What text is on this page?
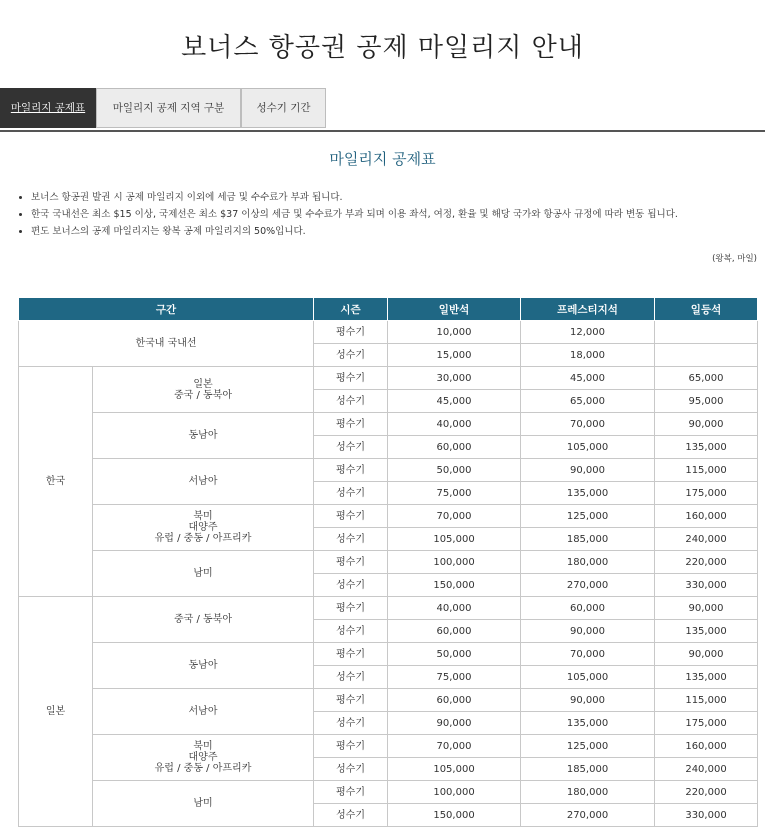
보너스 항공권 공제 마일리지 안내
마일리지 공제표	마일리지 공제 지역 구분	성수기 기간
마일리지 공제표
• 보너스 항공권 발권 시 공제 마일리지 이외에 세금 및 수수료가 부과 됩니다.
• 한국 국내선은 최소 $15 이상, 국제선은 최소 $37 이상의 세금 및 수수료가 부과 되며 이용 좌석, 여정, 환율 및 해당 국가와 항공사 규정에 따라 변동 됩니다.
• 편도 보너스의 공제 마일리지는 왕복 공제 마일리지의 50%입니다.
(왕복, 마일)
구간		시즌	일반석	프레스티지석	일등석
한국내 국내선		평수기	10,000	12,000	
		성수기	15,000	18,000	
한국	일본
중국 / 동북아	평수기	30,000	45,000	65,000
		성수기	45,000	65,000	95,000
	동남아	평수기	40,000	70,000	90,000
		성수기	60,000	105,000	135,000
	서남아	평수기	50,000	90,000	115,000
		성수기	75,000	135,000	175,000
	북미
대양주
유럽 / 중동 / 아프리카	평수기	70,000	125,000	160,000
		성수기	105,000	185,000	240,000
	남미	평수기	100,000	180,000	220,000
		성수기	150,000	270,000	330,000
일본	중국 / 동북아	평수기	40,000	60,000	90,000
		성수기	60,000	90,000	135,000
	동남아	평수기	50,000	70,000	90,000
		성수기	75,000	105,000	135,000
	서남아	평수기	60,000	90,000	115,000
		성수기	90,000	135,000	175,000
	북미
대양주
유럽 / 중동 / 아프리카	평수기	70,000	125,000	160,000
		성수기	105,000	185,000	240,000
	남미	평수기	100,000	180,000	220,000
		성수기	150,000	270,000	330,000
